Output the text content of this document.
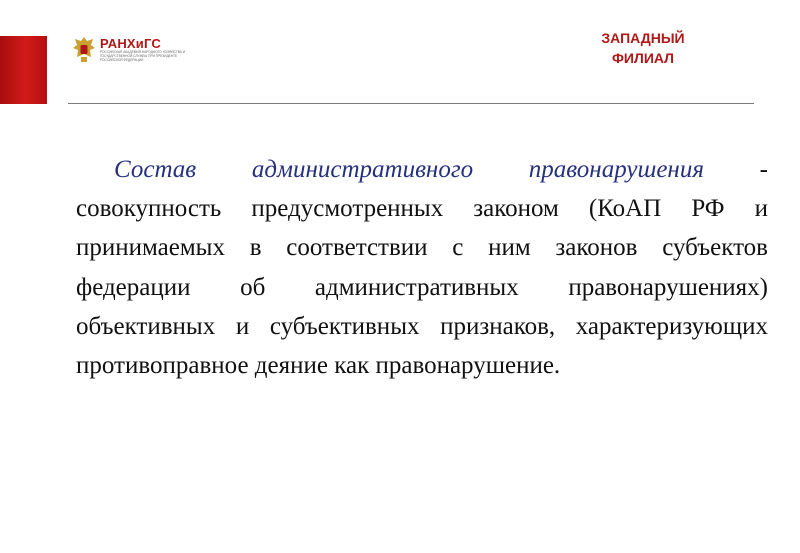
РАНХиГС
РОССИЙСКАЯ АКАДЕМИЯ НАРОДНОГО ХОЗЯЙСТВА И ГОСУДАРСТВЕННОЙ СЛУЖБЫ ПРИ ПРЕЗИДЕНТЕ РОССИЙСКОЙ ФЕДЕРАЦИИ
ЗАПАДНЫЙ
ФИЛИАЛ

Состав административного правонарушения - совокупность предусмотренных законом (КоАП РФ и принимаемых в соответствии с ним законов субъектов федерации об административных правонарушениях) объективных и субъективных признаков, характеризующих противоправное деяние как правонарушение.
